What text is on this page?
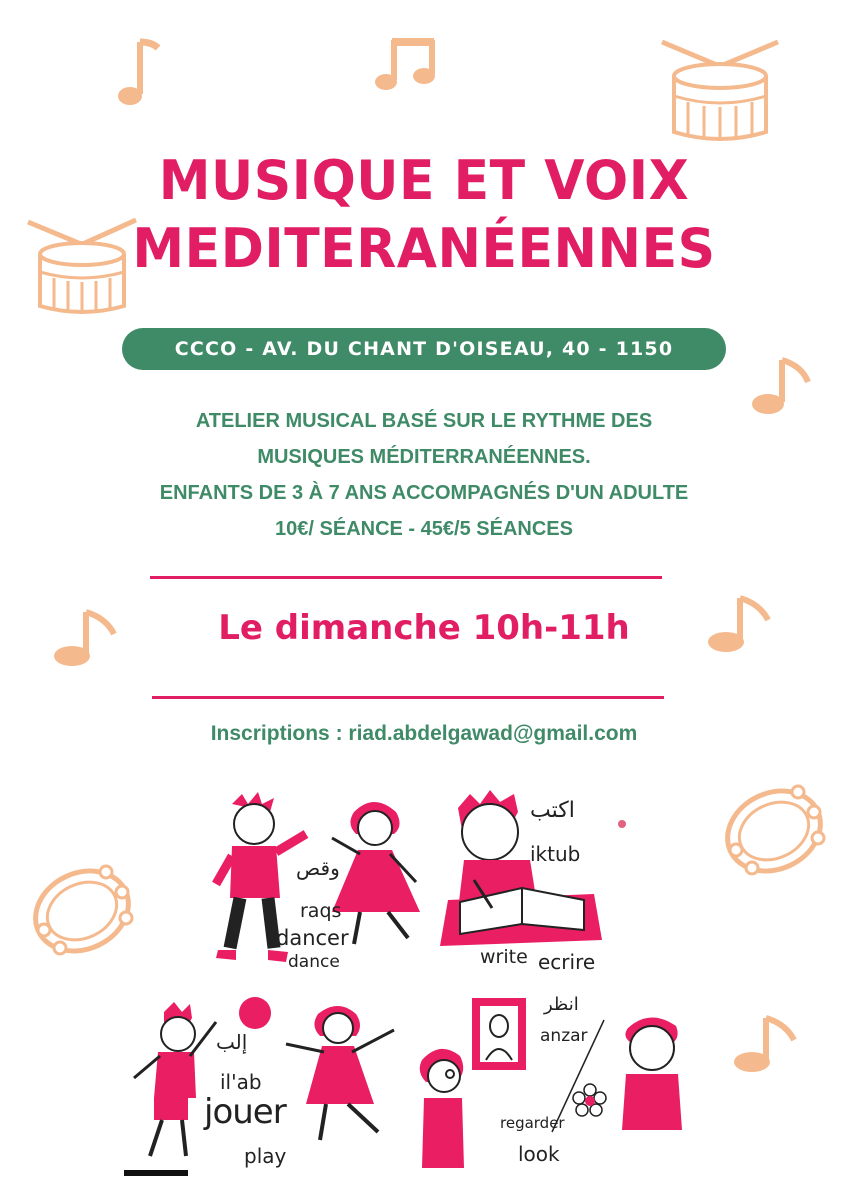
MUSIQUE ET VOIX
MEDITERANÉENNES
CCCO - AV. DU CHANT D'OISEAU, 40 - 1150 BRUXELLES
ATELIER MUSICAL BASÉ SUR LE RYTHME DES
MUSIQUES MÉDITERRANÉENNES.
ENFANTS DE 3 À 7 ANS ACCOMPAGNÉS D'UN ADULTE
10€/ SÉANCE - 45€/5 SÉANCES
Le dimanche 10h-11h
Inscriptions : riad.abdelgawad@gmail.com
وقص
raqs
dancer
dance
اكتب
iktub
write ecrire
إلب
il'ab
jouer
play
انظر
anzar
regarder
look
